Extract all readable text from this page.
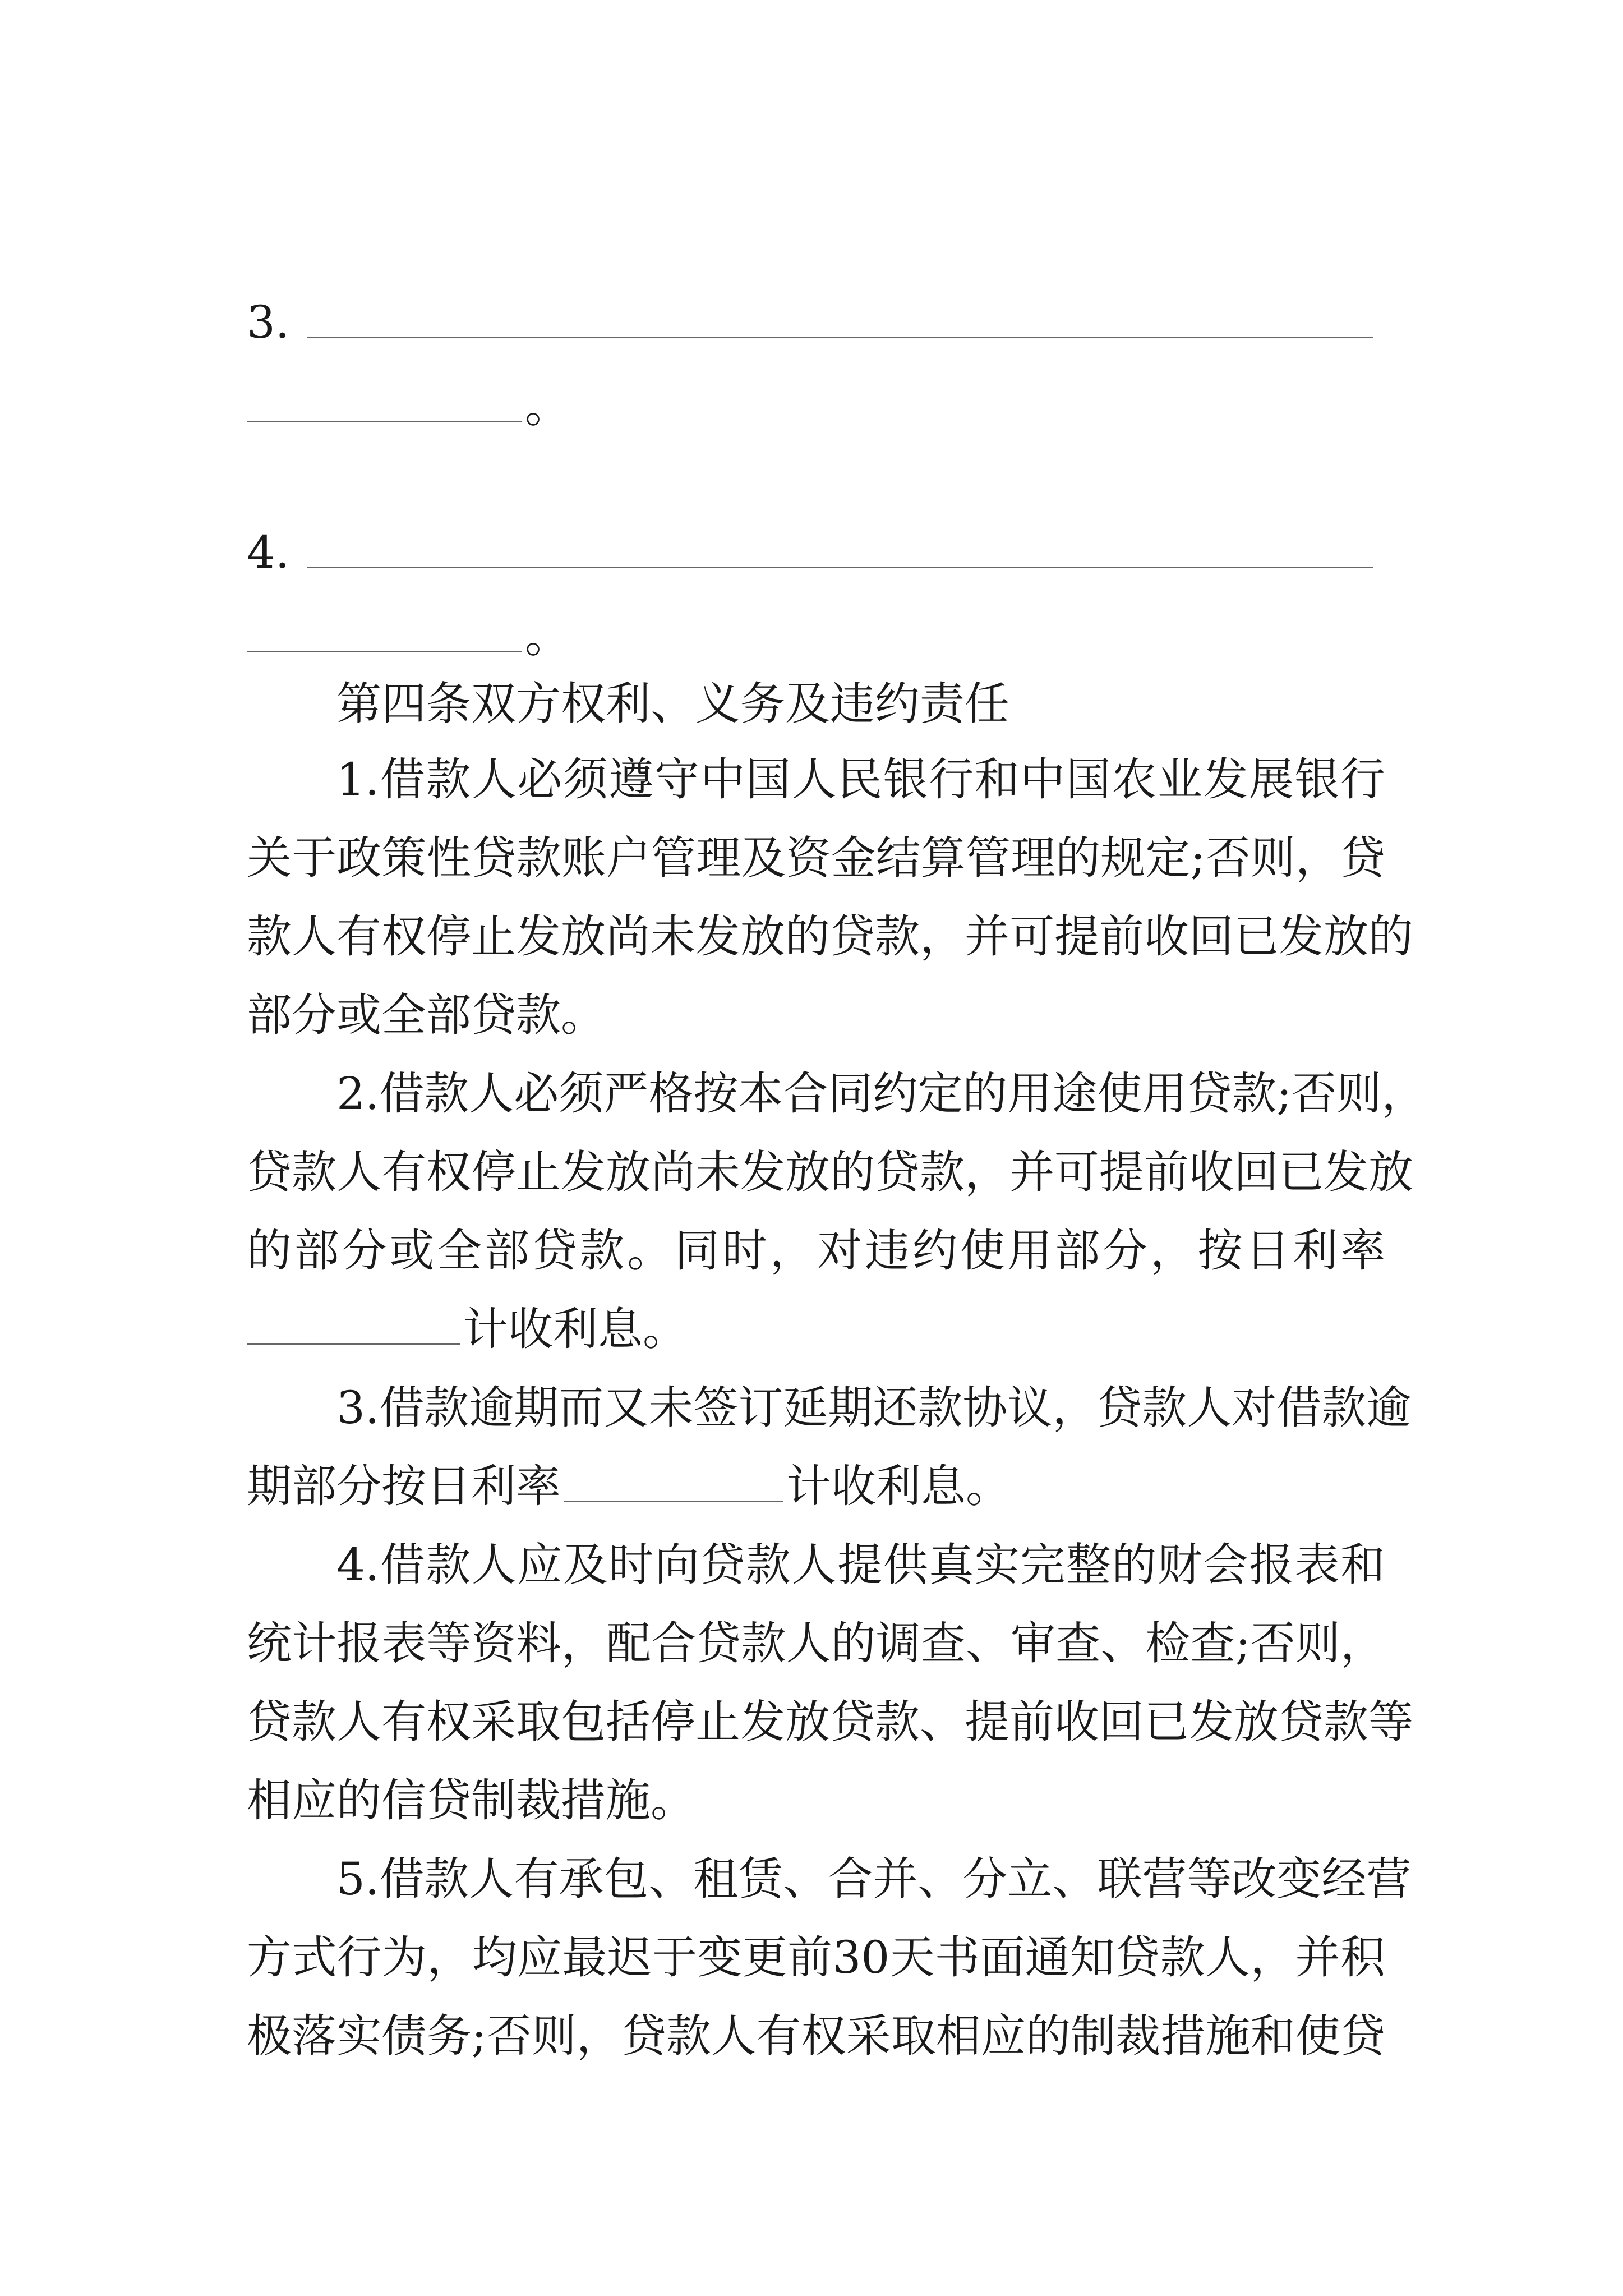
3.
。
4.
。
第四条双方权利、义务及违约责任
1.借款人必须遵守中国人民银行和中国农业发展银行
关于政策性贷款账户管理及资金结算管理的规定;否则，贷
款人有权停止发放尚未发放的贷款，并可提前收回已发放的
部分或全部贷款。
2.借款人必须严格按本合同约定的用途使用贷款;否则，
贷款人有权停止发放尚未发放的贷款，并可提前收回已发放
的部分或全部贷款。同时，对违约使用部分，按日利率
计收利息。
3.借款逾期而又未签订延期还款协议，贷款人对借款逾
期部分按日利率	计收利息。
4.借款人应及时向贷款人提供真实完整的财会报表和
统计报表等资料，配合贷款人的调查、审查、检查;否则，
贷款人有权采取包括停止发放贷款、提前收回已发放贷款等
相应的信贷制裁措施。
5.借款人有承包、租赁、合并、分立、联营等改变经营
方式行为，均应最迟于变更前30天书面通知贷款人，并积
极落实债务;否则，贷款人有权采取相应的制裁措施和使贷
